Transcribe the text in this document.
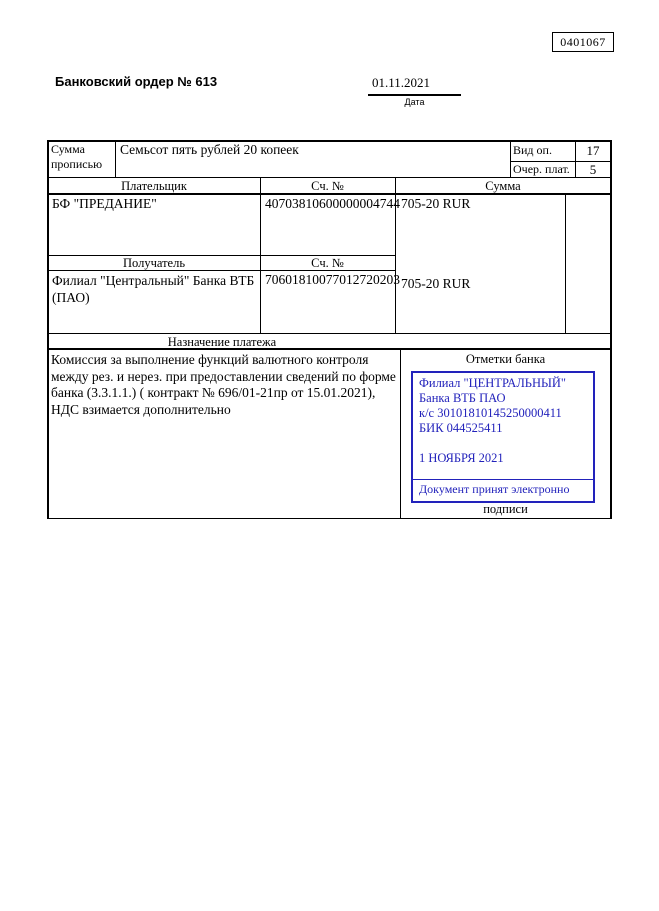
0401067
Банковский ордер № 613	01.11.2021
Дата
Сумма прописью
Семьсот пять рублей 20 копеек	Вид оп.	17
Очер. плат.	5
Плательщик	Сч. №	Сумма
БФ "ПРЕДАНИЕ"	40703810600000004744 705-20 RUR
Получатель	Сч. №
Филиал "Центральный" Банка ВТБ (ПАО)
70601810077012720203 705-20 RUR
Назначение платежа
Комиссия за выполнение функций валютного контроля между рез. и нерез. при предоставлении сведений по форме банка (3.3.1.1.) ( контракт № 696/01-21пр от 15.01.2021), НДС взимается дополнительно
Отметки банка
Филиал "ЦЕНТРАЛЬНЫЙ" Банка ВТБ ПАО
к/с 30101810145250000411
БИК 044525411
1 НОЯБРЯ 2021
Документ принят электронно
подписи
